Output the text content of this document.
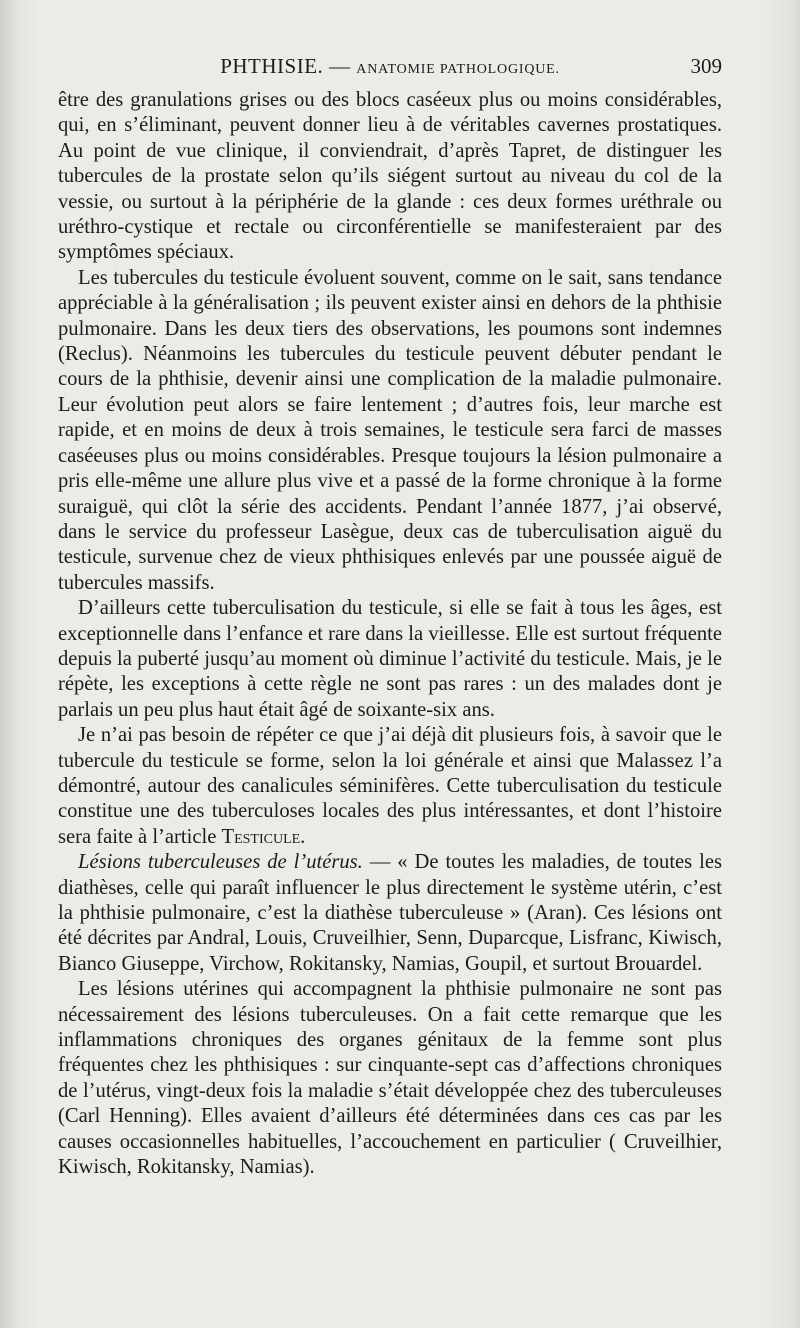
PHTHISIE. — ANATOMIE PATHOLOGIQUE.	309

être des granulations grises ou des blocs caséeux plus ou moins considérables, qui, en s’éliminant, peuvent donner lieu à de véritables cavernes prostatiques. Au point de vue clinique, il conviendrait, d’après Tapret, de distinguer les tubercules de la prostate selon qu’ils siégent surtout au niveau du col de la vessie, ou surtout à la périphérie de la glande : ces deux formes uréthrale ou uréthro-cystique et rectale ou circonférentielle se manifesteraient par des symptômes spéciaux.

Les tubercules du testicule évoluent souvent, comme on le sait, sans tendance appréciable à la généralisation ; ils peuvent exister ainsi en dehors de la phthisie pulmonaire. Dans les deux tiers des observations, les poumons sont indemnes (Reclus). Néanmoins les tubercules du testicule peuvent débuter pendant le cours de la phthisie, devenir ainsi une complication de la maladie pulmonaire. Leur évolution peut alors se faire lentement ; d’autres fois, leur marche est rapide, et en moins de deux à trois semaines, le testicule sera farci de masses caséeuses plus ou moins considérables. Presque toujours la lésion pulmonaire a pris elle-même une allure plus vive et a passé de la forme chronique à la forme suraiguë, qui clôt la série des accidents. Pendant l’année 1877, j’ai observé, dans le service du professeur Lasègue, deux cas de tuberculisation aiguë du testicule, survenue chez de vieux phthisiques enlevés par une poussée aiguë de tubercules massifs.

D’ailleurs cette tuberculisation du testicule, si elle se fait à tous les âges, est exceptionnelle dans l’enfance et rare dans la vieillesse. Elle est surtout fréquente depuis la puberté jusqu’au moment où diminue l’activité du testicule. Mais, je le répète, les exceptions à cette règle ne sont pas rares : un des malades dont je parlais un peu plus haut était âgé de soixante-six ans.

Je n’ai pas besoin de répéter ce que j’ai déjà dit plusieurs fois, à savoir que le tubercule du testicule se forme, selon la loi générale et ainsi que Malassez l’a démontré, autour des canalicules séminifères. Cette tuberculisation du testicule constitue une des tuberculoses locales des plus intéressantes, et dont l’histoire sera faite à l’article Testicule.

Lésions tuberculeuses de l’utérus. — « De toutes les maladies, de toutes les diathèses, celle qui paraît influencer le plus directement le système utérin, c’est la phthisie pulmonaire, c’est la diathèse tuberculeuse » (Aran). Ces lésions ont été décrites par Andral, Louis, Cruveilhier, Senn, Duparcque, Lisfranc, Kiwisch, Bianco Giuseppe, Virchow, Rokitansky, Namias, Goupil, et surtout Brouardel.

Les lésions utérines qui accompagnent la phthisie pulmonaire ne sont pas nécessairement des lésions tuberculeuses. On a fait cette remarque que les inflammations chroniques des organes génitaux de la femme sont plus fréquentes chez les phthisiques : sur cinquante-sept cas d’affections chroniques de l’utérus, vingt-deux fois la maladie s’était développée chez des tuberculeuses (Carl Henning). Elles avaient d’ailleurs été déterminées dans ces cas par les causes occasionnelles habituelles, l’accouchement en particulier ( Cruveilhier, Kiwisch, Rokitansky, Namias).
